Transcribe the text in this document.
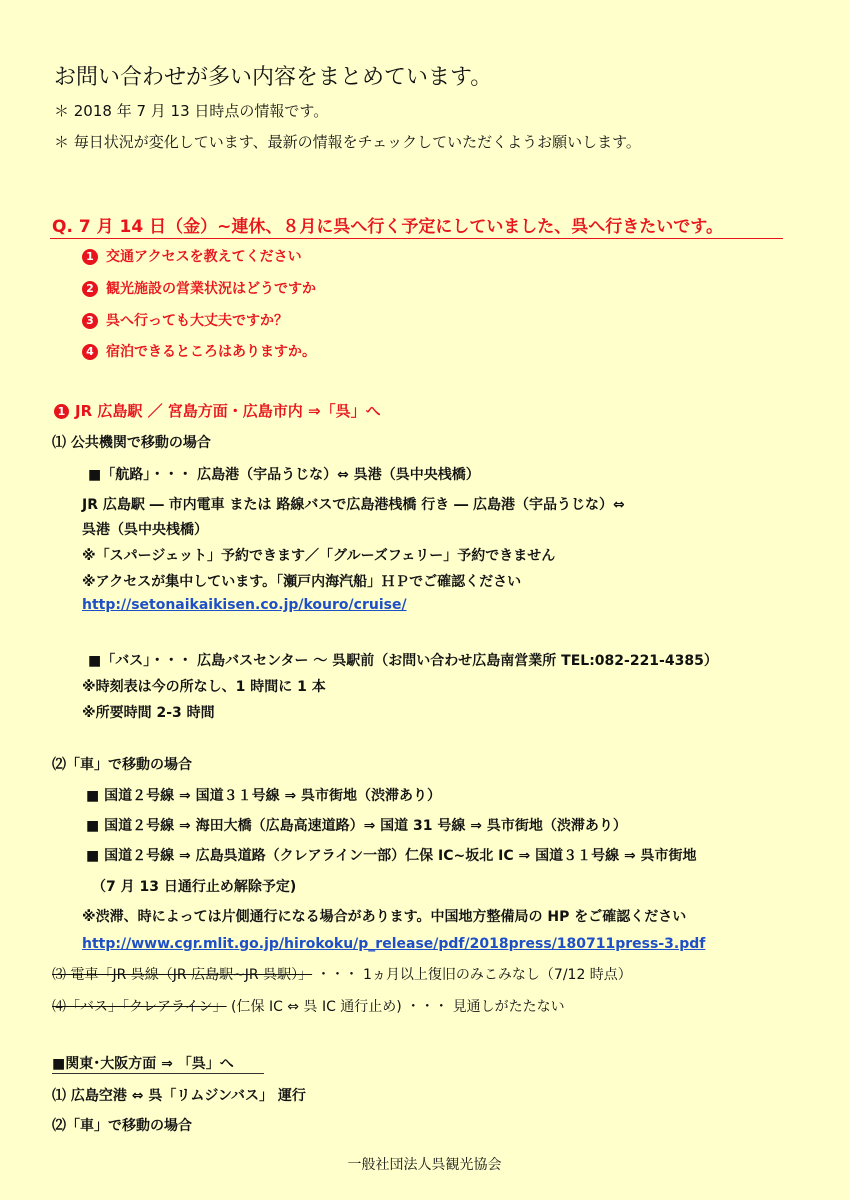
お問い合わせが多い内容をまとめています。
＊ 2018 年 7 月 13 日時点の情報です。
＊ 毎日状況が変化しています、最新の情報をチェックしていただくようお願いします。
Q. 7 月 14 日（金）~連休、８月に呉へ行く予定にしていました、呉へ行きたいです。
1 交通アクセスを教えてください
2 観光施設の営業状況はどうですか
3 呉へ行っても大丈夫ですか？
4 宿泊できるところはありますか。
1 JR 広島駅 ／ 宮島方面・広島市内 ⇒「呉」へ
⑴ 公共機関で移動の場合
■「航路」・・・ 広島港（宇品うじな）⇔ 呉港（呉中央桟橋）
JR 広島駅 ― 市内電車 または 路線バスで広島港桟橋 行き ― 広島港（宇品うじな）⇔
呉港（呉中央桟橋）
※「スパージェット」予約できます／「グルーズフェリー」予約できません
※アクセスが集中しています。「瀬戸内海汽船」ＨＰでご確認ください
http://setonaikaikisen.co.jp/kouro/cruise/
■「バス」・・・ 広島バスセンター ～ 呉駅前（お問い合わせ広島南営業所 TEL:082-221-4385）
※時刻表は今の所なし、1 時間に 1 本
※所要時間 2-3 時間
⑵「車」で移動の場合
■ 国道２号線 ⇒ 国道３１号線 ⇒ 呉市街地（渋滞あり）
■ 国道２号線 ⇒ 海田大橋（広島高速道路）⇒ 国道 31 号線 ⇒ 呉市街地（渋滞あり）
■ 国道２号線 ⇒ 広島呉道路（クレアライン一部）仁保 IC~坂北 IC ⇒ 国道３１号線 ⇒ 呉市街地
（7 月 13 日通行止め解除予定)
※渋滞、時によっては片側通行になる場合があります。中国地方整備局の HP をご確認ください
http://www.cgr.mlit.go.jp/hirokoku/p_release/pdf/2018press/180711press-3.pdf
⑶ 電車「JR 呉線（JR 広島駅~JR 呉駅）」 ・・・ 1ヵ月以上復旧のみこみなし（7/12 時点）
⑷「バス」「クレアライン」 (仁保 IC ⇔ 呉 IC 通行止め) ・・・ 見通しがたたない
■関東･大阪方面 ⇒ 「呉」へ
⑴ 広島空港 ⇔ 呉「リムジンバス」 運行
⑵「車」で移動の場合
一般社団法人呉観光協会
